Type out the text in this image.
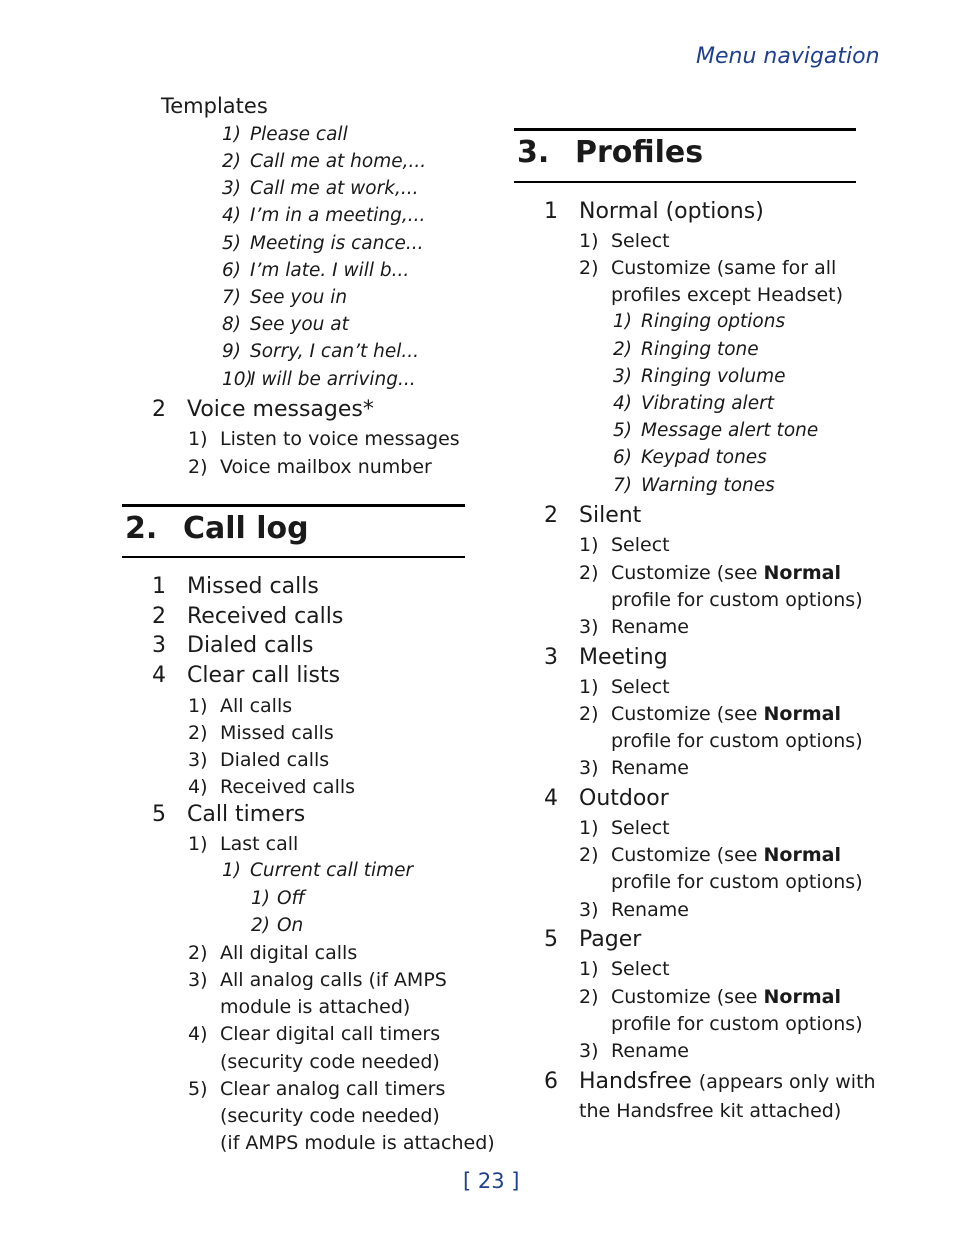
Menu navigation
Templates
1) Please call
2) Call me at home,...
3) Call me at work,...
4) I’m in a meeting,...
5) Meeting is cance...
6) I’m late. I will b...
7) See you in
8) See you at
9) Sorry, I can’t hel...
10)I will be arriving...
2 Voice messages*
1) Listen to voice messages
2) Voice mailbox number
2. Call log
1 Missed calls
2 Received calls
3 Dialed calls
4 Clear call lists
1) All calls
2) Missed calls
3) Dialed calls
4) Received calls
5 Call timers
1) Last call
1) Current call timer
1) Off
2) On
2) All digital calls
3) All analog calls (if AMPS
module is attached)
4) Clear digital call timers
(security code needed)
5) Clear analog call timers
(security code needed)
(if AMPS module is attached)
3. Profiles
1 Normal (options)
1) Select
2) Customize (same for all
profiles except Headset)
1) Ringing options
2) Ringing tone
3) Ringing volume
4) Vibrating alert
5) Message alert tone
6) Keypad tones
7) Warning tones
2 Silent
1) Select
2) Customize (see Normal
profile for custom options)
3) Rename
3 Meeting
1) Select
2) Customize (see Normal
profile for custom options)
3) Rename
4 Outdoor
1) Select
2) Customize (see Normal
profile for custom options)
3) Rename
5 Pager
1) Select
2) Customize (see Normal
profile for custom options)
3) Rename
6 Handsfree (appears only with
the Handsfree kit attached)
[ 23 ]
